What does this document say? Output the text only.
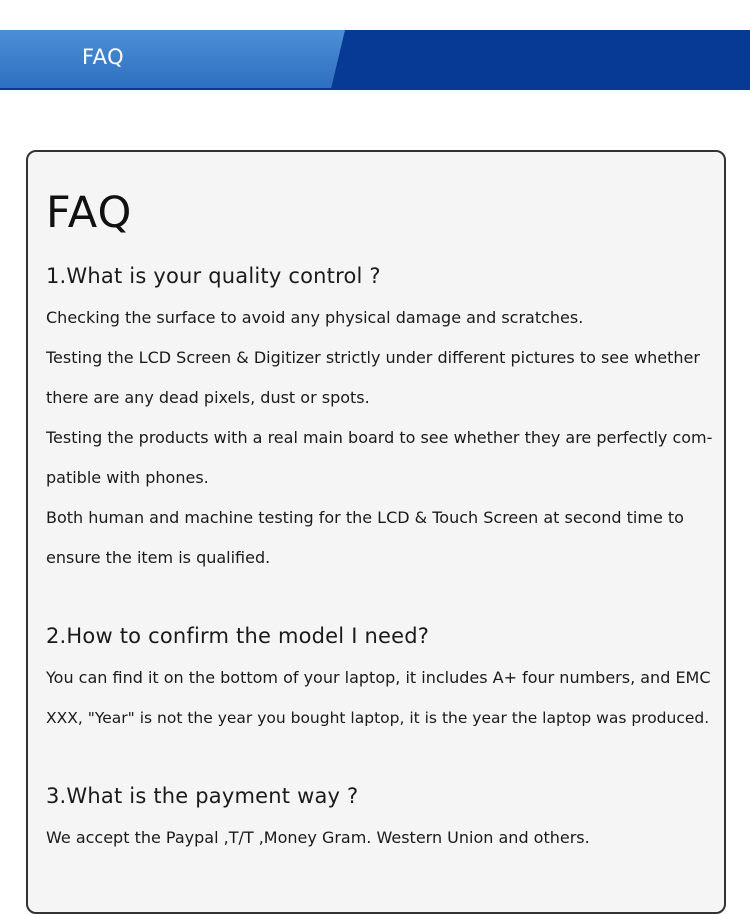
FAQ
FAQ
1.What is your quality control ?

Checking the surface to avoid any physical damage and scratches.

Testing the LCD Screen & Digitizer strictly under different pictures to see whether

there are any dead pixels, dust or spots.

Testing the products with a real main board to see whether they are perfectly com-

patible with phones.

Both human and machine testing for the LCD & Touch Screen at second time to

ensure the item is qualified.

2.How to confirm the model I need?

You can find it on the bottom of your laptop, it includes A+ four numbers, and EMC

XXX, "Year" is not the year you bought laptop, it is the year the laptop was produced.

3.What is the payment way ?

We accept the Paypal ,T/T ,Money Gram. Western Union and others.
